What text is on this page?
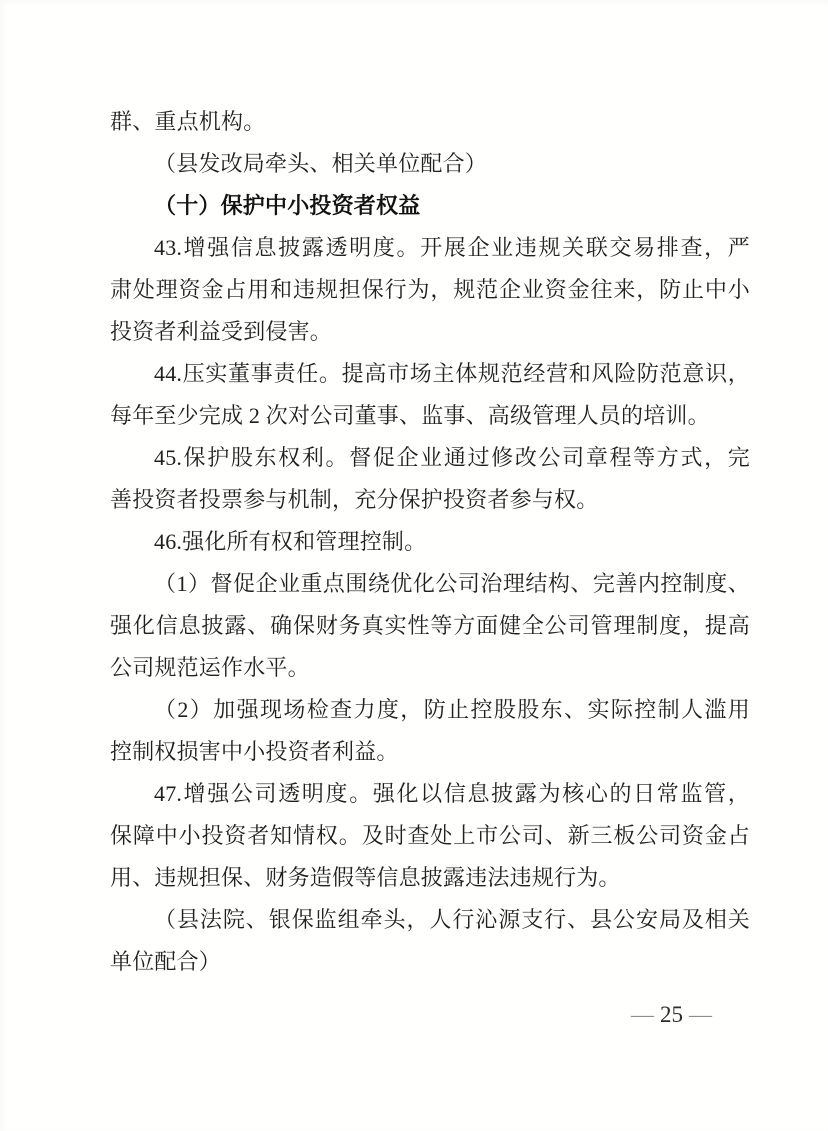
群、重点机构。
（县发改局牵头、相关单位配合）
（十）保护中小投资者权益
43.增强信息披露透明度。开展企业违规关联交易排查，严
肃处理资金占用和违规担保行为，规范企业资金往来，防止中小
投资者利益受到侵害。
44.压实董事责任。提高市场主体规范经营和风险防范意识，
每年至少完成 2 次对公司董事、监事、高级管理人员的培训。
45.保护股东权利。督促企业通过修改公司章程等方式，完
善投资者投票参与机制，充分保护投资者参与权。
46.强化所有权和管理控制。
（1）督促企业重点围绕优化公司治理结构、完善内控制度、
强化信息披露、确保财务真实性等方面健全公司管理制度，提高
公司规范运作水平。
（2）加强现场检查力度，防止控股股东、实际控制人滥用
控制权损害中小投资者利益。
47.增强公司透明度。强化以信息披露为核心的日常监管，
保障中小投资者知情权。及时查处上市公司、新三板公司资金占
用、违规担保、财务造假等信息披露违法违规行为。
（县法院、银保监组牵头，人行沁源支行、县公安局及相关
单位配合）
— 25 —
